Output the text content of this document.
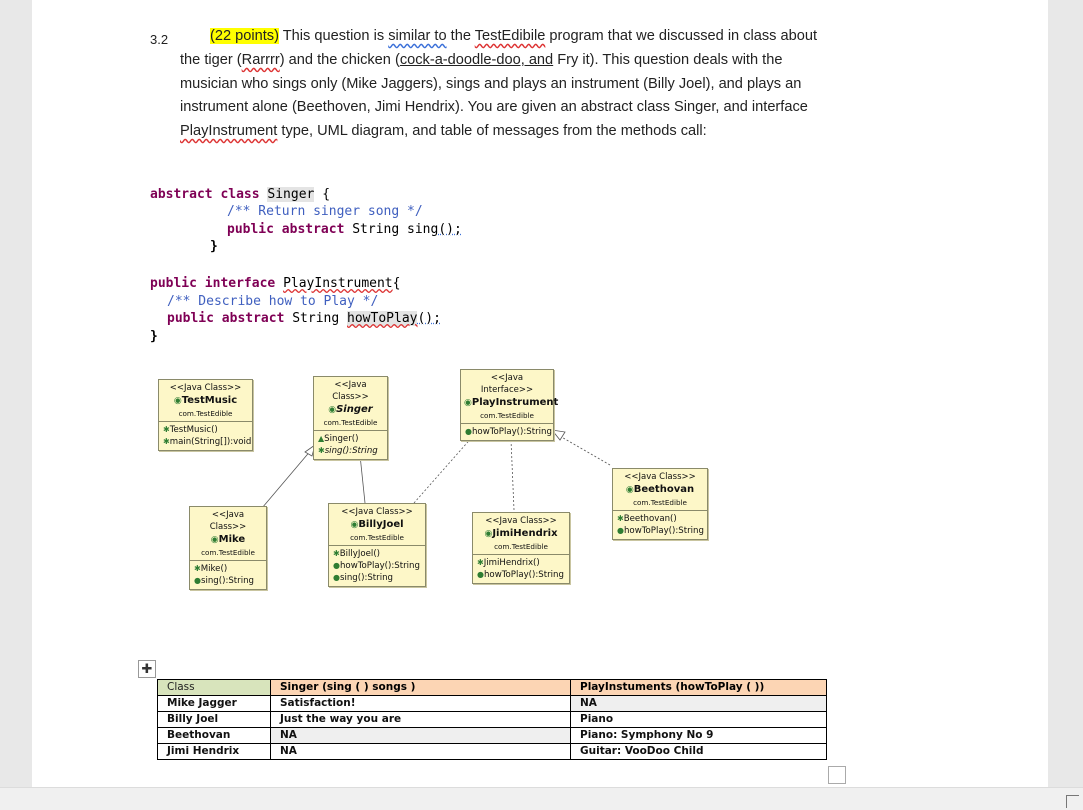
3.2	(22 points) This question is similar to the TestEdibile program that we discussed in class about the tiger (Rarrrr) and the chicken (cock-a-doodle-doo, and Fry it). This question deals with the musician who sings only (Mike Jaggers), sings and plays an instrument (Billy Joel), and plays an instrument alone (Beethoven, Jimi Hendrix). You are given an abstract class Singer, and interface PlayInstrument type, UML diagram, and table of messages from the methods call:
abstract class Singer {
/** Return singer song */
public abstract String sing();
}
public interface PlayInstrument{
/** Describe how to Play */
public abstract String howToPlay();
}
<<Java Class>>
◉TestMusic
com.TestEdible
✱TestMusic()
✱main(String[]):void
<<Java Class>>
◉Singer
com.TestEdible
▲Singer()
✱sing():String
<<Java Interface>>
◉PlayInstrument
com.TestEdible
●howToPlay():String
<<Java Class>>
◉Beethovan
com.TestEdible
✱Beethovan()
●howToPlay():String
<<Java Class>>
◉Mike
com.TestEdible
✱Mike()
●sing():String
<<Java Class>>
◉BillyJoel
com.TestEdible
✱BillyJoel()
●howToPlay():String
●sing():String
<<Java Class>>
◉JimiHendrix
com.TestEdible
✱JimiHendrix()
●howToPlay():String
✚
Class	Singer (sing ( ) songs )	PlayInstuments (howToPlay ( ))
Mike Jagger	Satisfaction!	NA
Billy Joel	Just the way you are	Piano
Beethovan	NA	Piano: Symphony No 9
Jimi Hendrix	NA	Guitar: VooDoo Child
